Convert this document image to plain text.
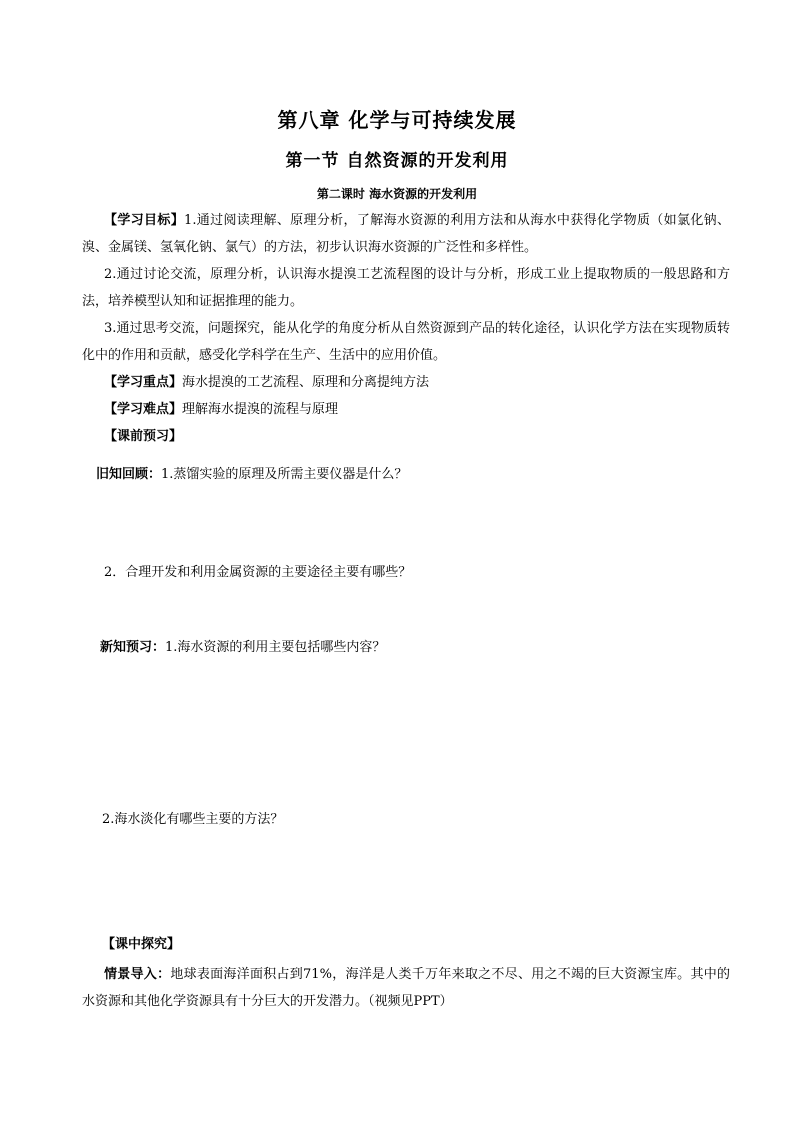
第八章 化学与可持续发展
第一节 自然资源的开发利用
第二课时 海水资源的开发利用
【学习目标】1.通过阅读理解、原理分析，了解海水资源的利用方法和从海水中获得化学物质（如氯化钠、溴、金属镁、氢氧化钠、氯气）的方法，初步认识海水资源的广泛性和多样性。
2.通过讨论交流，原理分析，认识海水提溴工艺流程图的设计与分析，形成工业上提取物质的一般思路和方法，培养模型认知和证据推理的能力。
3.通过思考交流，问题探究，能从化学的角度分析从自然资源到产品的转化途径，认识化学方法在实现物质转化中的作用和贡献，感受化学科学在生产、生活中的应用价值。
【学习重点】海水提溴的工艺流程、原理和分离提纯方法
【学习难点】理解海水提溴的流程与原理
【课前预习】
旧知回顾：1.蒸馏实验的原理及所需主要仪器是什么？
2．合理开发和利用金属资源的主要途径主要有哪些？
新知预习：1.海水资源的利用主要包括哪些内容？
2.海水淡化有哪些主要的方法？
【课中探究】
情景导入：地球表面海洋面积占到71%，海洋是人类千万年来取之不尽、用之不竭的巨大资源宝库。其中的水资源和其他化学资源具有十分巨大的开发潜力。（视频见PPT）
